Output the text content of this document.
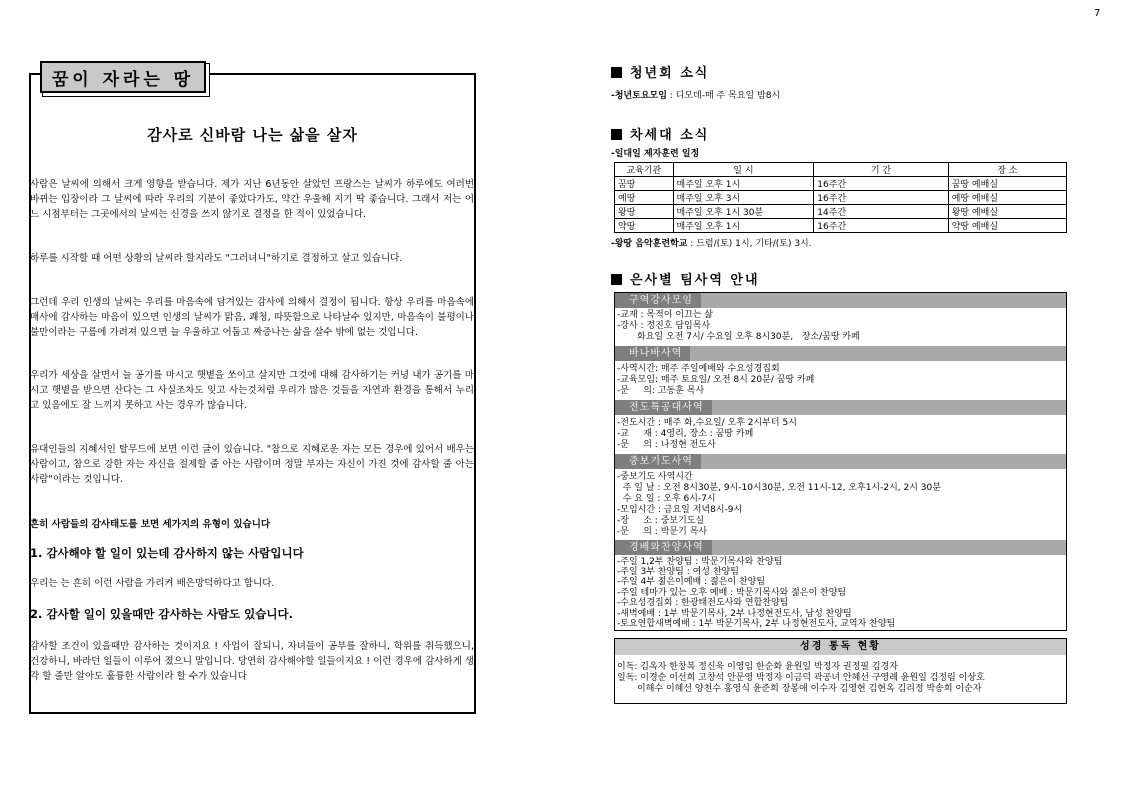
7
꿈이 자라는 땅
감사로 신바람 나는 삶을 살자
사람은 날씨에 의해서 크게 영향을 받습니다. 제가 지난 6년동안 살았던 프랑스는 날씨가 하루에도 여러번 바뀌는 입장이라 그 날씨에 따라 우리의 기분이 좋았다가도, 약간 우울해 지기 딱 좋습니다. 그래서 저는 어느 시점부터는 그곳에서의 날씨는 신경을 쓰지 않기로 결정을 한 적이 있었습니다.
하루를 시작할 때 어떤 상황의 날씨라 할지라도 "그러녀니"하기로 결정하고 살고 있습니다.
그런데 우리 인생의 날씨는 우리를 마음속에 담겨있는 감사에 의해서 결정이 됩니다. 항상 우리를 마음속에 매사에 감사하는 마음이 있으면 인생의 날씨가 맑음, 쾌청, 따뜻함으로 나타날수 있지만, 마음속이 불평이나 불만이라는 구름에 가려져 있으면 늘 우울하고 어둡고 짜증나는 삶을 살수 밖에 없는 것입니다.
우리가 세상을 살면서 늘 공기를 마시고 햇볕을 쏘이고 살지만 그것에 대해 감사하기는 커녕 내가 공기를 마시고 햇볕을 받으면 산다는 그 사실조차도 잊고 사는것처럼 우리가 많은 것들을 자연과 환경을 통해서 누리고 있음에도 잘 느끼지 못하고 사는 경우가 많습니다.
유대인들의 지혜서인 탈무드에 보면 이런 글이 있습니다. "참으로 지혜로운 자는 모든 경우에 있어서 배우는 사람이고, 참으로 강한 자는 자신을 절제할 줄 아는 사람이며 정말 부자는 자신이 가진 것에 감사할 줄 아는 사람"이라는 것입니다.
흔히 사람들의 감사태도를 보면 세가지의 유형이 있습니다
1. 감사해야 할 일이 있는데 감사하지 않는 사람입니다
우리는 는 흔히 이런 사람을 가리켜 배은망덕하다고 합니다.
2. 감사할 일이 있을때만 감사하는 사람도 있습니다.
감사할 조건이 있을때만 감사하는 것이지요 ! 사업이 잘되니, 자녀들이 공부를 잘하니, 학위를 취득했으니, 건강하니, 바라던 일들이 이루어 졌으니 말입니다. 당연히 감사해야할 일들이지요 ! 이런 경우에 감사하게 생각 할 줄만 알아도 훌륭한 사람이라 할 수가 있습니다
청년회 소식
-청년토요모임 : 디모데-매 주 목요일 밤8시
차세대 소식
-일대일 제자훈련 일정
교육기관	일 시	기 간	장 소
꿈땅	매주일 오후 1시	16주간	꿈땅 예배실
예땅	매주일 오후 3시	16주간	예땅 예배실
왕땅	매주일 오후 1시 30분	14주간	왕땅 예배실
약땅	매주일 오후 1시	16주간	약땅 예배실
-왕땅 음악훈련학교 : 드럼/(토) 1시, 기타/(토) 3시.
은사별 팀사역 안내
구역강사모임
-교재 : 목적이 이끄는 삶
-강사 : 정진호 담임목사
화요일 오전 7시/ 수요일 오후 8시30분,   장소/꿈땅 카페
바나바사역
-사역시간: 매주 주일예배와 수요성경집회
-교육모임: 매주 토요일/ 오전 8시 20분/ 꿈땅 카페
-문     의: 고동훈 목사
전도특공대사역
-전도시간 : 매주 화,수요일/ 오후 2시부터 5시
-교     재 : 4영리, 장소 : 꿈땅 카페
-문     의 : 나정현 전도사
중보기도사역
-중보기도 사역시간
주 일 날 : 오전 8시30분, 9시-10시30분, 오전 11시-12, 오후1시-2시, 2시 30분
수 요 일 : 오후 6시-7시
-모임시간 : 금요일 저녁8시-9시
-장     소 : 중보기도실
-문     의 : 박문기 목사
경배와찬양사역
-주일 1,2부 찬양팀 : 박문기목사와 찬양팀
-주일 3부 찬양팀 : 여성 찬양팀
-주일 4부 젊은이예배 : 젊은이 찬양팀
-주일 테마가 있는 오후 예배 : 박문기목사와 젊은이 찬양팀
-수요성경집회 : 한광태전도사와 연합찬양팀
-새벽예배 : 1부 박문기목사, 2부 나정현전도사, 남성 찬양팀
-토요연합새벽예배 : 1부 박문기목사, 2부 나정현전도사, 교역자 찬양팀
성경 통독 현황
이독: 김옥자 한창복 정신욱 이영임 한순화 윤원일 박정자 권정필 김경자
일독: 이경순 이선희 고창석 안문영 박정자 이금덕 곽공녀 안혜선 구영례 윤원일 김정림 이상호
이해수 이혜선 양천수 홍영식 윤준희 장봉애 이수자 김영현 김현옥 김리정 박송희 이순자
